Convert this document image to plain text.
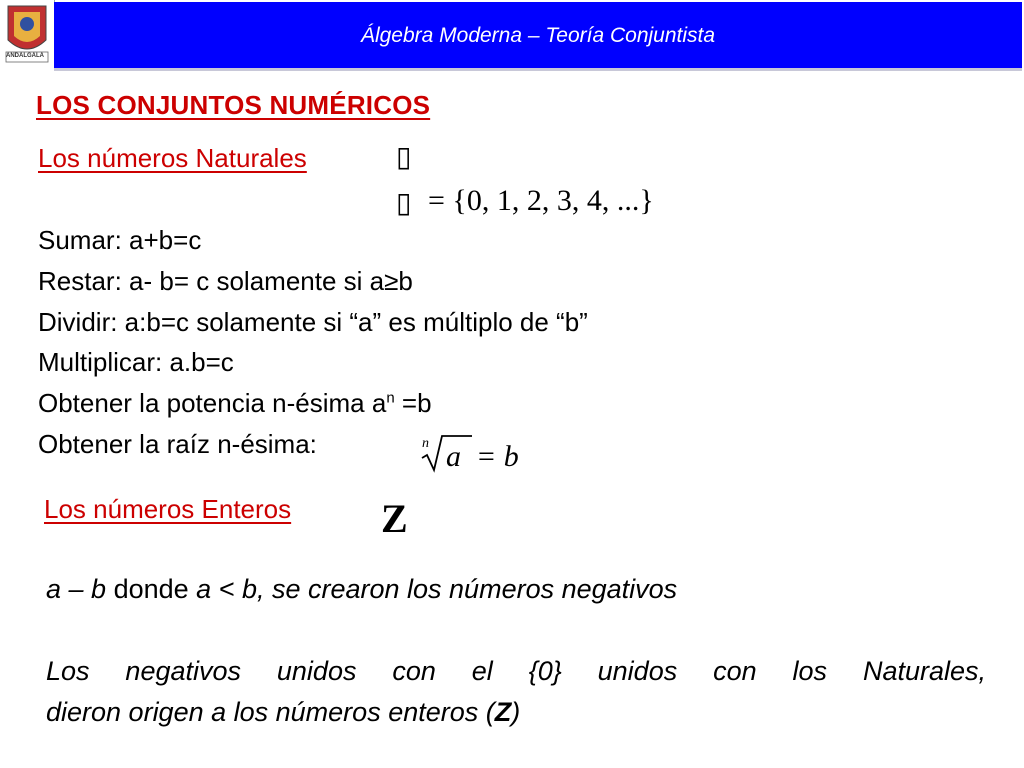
ANDALGALA
Álgebra Moderna – Teoría Conjuntista
LOS CONJUNTOS NUMÉRICOS
Los números Naturales	▯
▯ = {0, 1, 2, 3, 4, ...}
Sumar: a+b=c
Restar: a- b= c solamente si a≥b
Dividir: a:b=c solamente si “a” es múltiplo de “b”
Multiplicar: a.b=c
Obtener la potencia n-ésima $a^n =b$
Obtener la raíz n-ésima:	n a = b
Los números Enteros Z
a – b donde a < b, se crearon los números negativos
Los negativos unidos con el {0} unidos con los Naturales,
dieron origen a los números enteros (Z)
